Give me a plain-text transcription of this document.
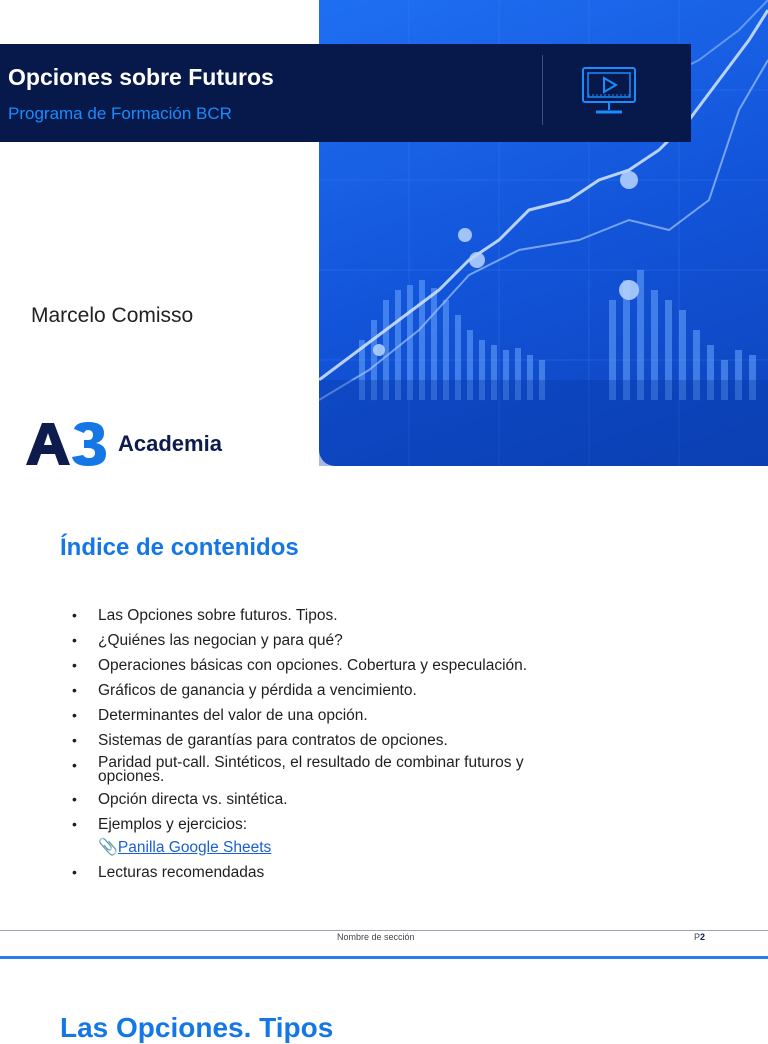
Opciones sobre Futuros
Programa de Formación BCR
Marcelo Comisso
Academia
Índice de contenidos
• Las Opciones sobre futuros. Tipos.
• ¿Quiénes las negocian y para qué?
• Operaciones básicas con opciones. Cobertura y especulación.
• Gráficos de ganancia y pérdida a vencimiento.
• Determinantes del valor de una opción.
• Sistemas de garantías para contratos de opciones.
• Paridad put-call. Sintéticos, el resultado de combinar futuros y
opciones.
• Opción directa vs. sintética.
• Ejemplos y ejercicios:
📎Panilla Google Sheets
• Lecturas recomendadas
Nombre de sección	P2
Las Opciones. Tipos
